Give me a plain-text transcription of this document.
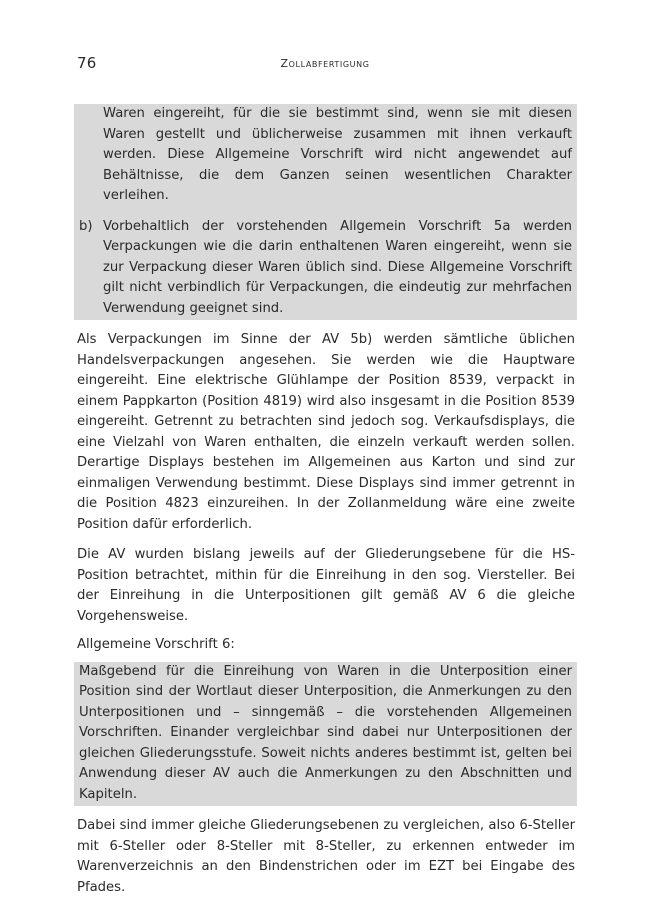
76	Zollabfertigung
Waren eingereiht, für die sie bestimmt sind, wenn sie mit diesen Waren gestellt und üblicherweise zusammen mit ihnen verkauft werden. Diese Allgemeine Vorschrift wird nicht angewendet auf Behältnisse, die dem Ganzen seinen wesentlichen Charakter verleihen.
b) Vorbehaltlich der vorstehenden Allgemein Vorschrift 5a werden Verpackungen wie die darin enthaltenen Waren eingereiht, wenn sie zur Verpackung dieser Waren üblich sind. Diese Allgemeine Vorschrift gilt nicht verbindlich für Verpackungen, die eindeutig zur mehrfachen Verwendung geeignet sind.

Als Verpackungen im Sinne der AV 5b) werden sämtliche üblichen Handelsverpackungen angesehen. Sie werden wie die Hauptware eingereiht. Eine elektrische Glühlampe der Position 8539, verpackt in einem Pappkarton (Position 4819) wird also insgesamt in die Position 8539 eingereiht. Getrennt zu betrachten sind jedoch sog. Verkaufsdisplays, die eine Vielzahl von Waren enthalten, die einzeln verkauft werden sollen. Derartige Displays bestehen im Allgemeinen aus Karton und sind zur einmaligen Verwendung bestimmt. Diese Displays sind immer getrennt in die Position 4823 einzureihen. In der Zollanmeldung wäre eine zweite Position dafür erforderlich.

Die AV wurden bislang jeweils auf der Gliederungsebene für die HS-Position betrachtet, mithin für die Einreihung in den sog. Viersteller. Bei der Einreihung in die Unterpositionen gilt gemäß AV 6 die gleiche Vorgehensweise.

Allgemeine Vorschrift 6:

Maßgebend für die Einreihung von Waren in die Unterposition einer Position sind der Wortlaut dieser Unterposition, die Anmerkungen zu den Unterpositionen und – sinngemäß – die vorstehenden Allgemeinen Vorschriften. Einander vergleichbar sind dabei nur Unterpositionen der gleichen Gliederungsstufe. Soweit nichts anderes bestimmt ist, gelten bei Anwendung dieser AV auch die Anmerkungen zu den Abschnitten und Kapiteln.

Dabei sind immer gleiche Gliederungsebenen zu vergleichen, also 6-Steller mit 6-Steller oder 8-Steller mit 8-Steller, zu erkennen entweder im Warenverzeichnis an den Bindenstrichen oder im EZT bei Eingabe des Pfades.
